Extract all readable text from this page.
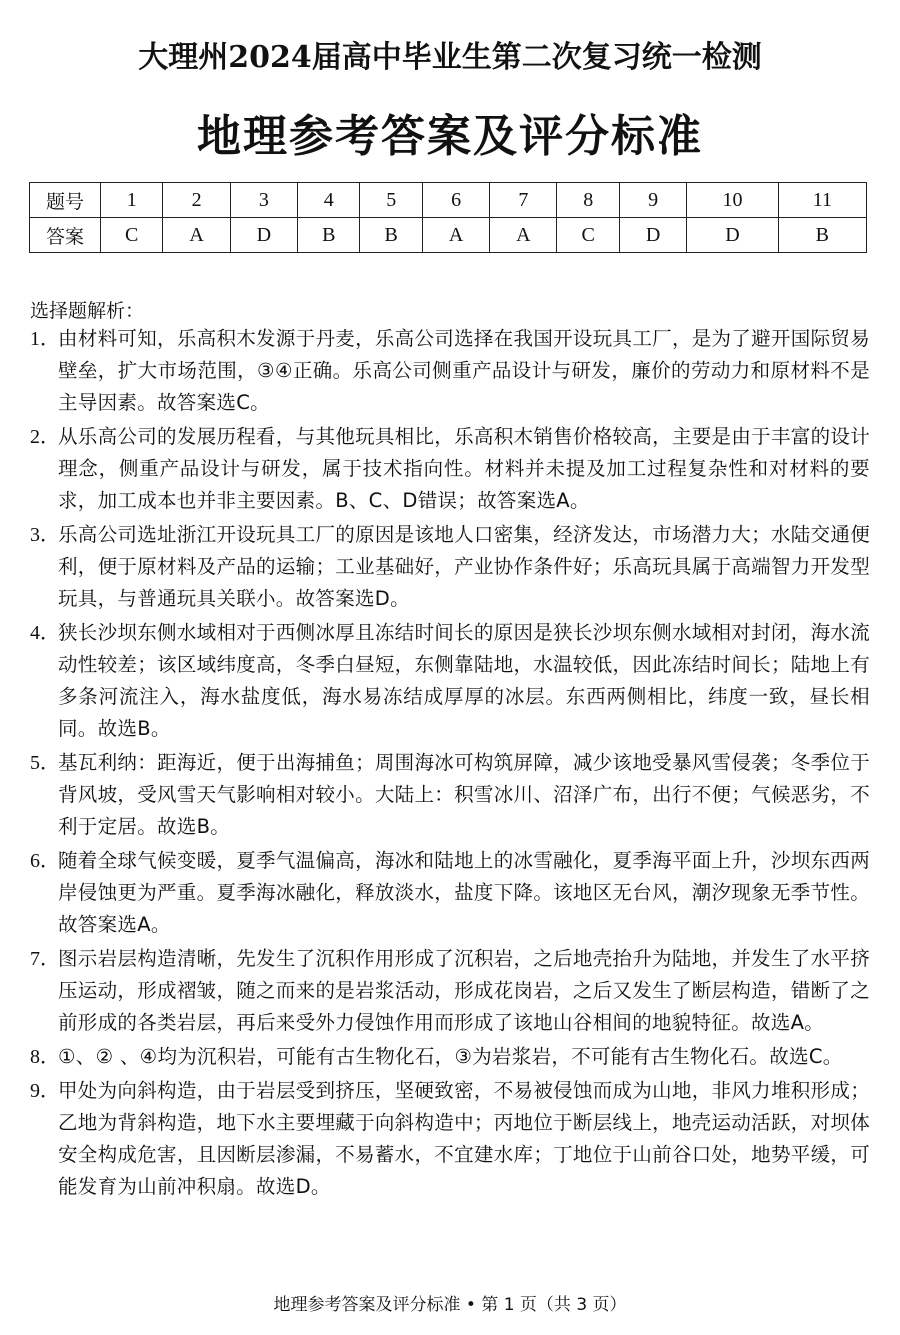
大理州2024届高中毕业生第二次复习统一检测
地理参考答案及评分标准
题号	1	2	3	4	5	6	7	8	9	10	11
答案	C	A	D	B	B	A	A	C	D	D	B
选择题解析：
1．
由材料可知，乐高积木发源于丹麦，乐高公司选择在我国开设玩具工厂，是为了避开国际贸易壁垒，扩大市场范围，③④正确。乐高公司侧重产品设计与研发，廉价的劳动力和原材料不是主导因素。故答案选C。
2．
从乐高公司的发展历程看，与其他玩具相比，乐高积木销售价格较高，主要是由于丰富的设计理念，侧重产品设计与研发，属于技术指向性。材料并未提及加工过程复杂性和对材料的要求，加工成本也并非主要因素。B、C、D错误；故答案选A。
3．
乐高公司选址浙江开设玩具工厂的原因是该地人口密集，经济发达，市场潜力大；水陆交通便利，便于原材料及产品的运输；工业基础好，产业协作条件好；乐高玩具属于高端智力开发型玩具，与普通玩具关联小。故答案选D。
4．
狭长沙坝东侧水域相对于西侧冰厚且冻结时间长的原因是狭长沙坝东侧水域相对封闭，海水流动性较差；该区域纬度高，冬季白昼短，东侧靠陆地，水温较低，因此冻结时间长；陆地上有多条河流注入，海水盐度低，海水易冻结成厚厚的冰层。东西两侧相比，纬度一致，昼长相同。故选B。
5．
基瓦利纳：距海近，便于出海捕鱼；周围海冰可构筑屏障，减少该地受暴风雪侵袭；冬季位于背风坡，受风雪天气影响相对较小。大陆上：积雪冰川、沼泽广布，出行不便；气候恶劣，不利于定居。故选B。
6．
随着全球气候变暖，夏季气温偏高，海冰和陆地上的冰雪融化，夏季海平面上升，沙坝东西两岸侵蚀更为严重。夏季海冰融化，释放淡水，盐度下降。该地区无台风，潮汐现象无季节性。故答案选A。
7．
图示岩层构造清晰，先发生了沉积作用形成了沉积岩，之后地壳抬升为陆地，并发生了水平挤压运动，形成褶皱，随之而来的是岩浆活动，形成花岗岩，之后又发生了断层构造，错断了之前形成的各类岩层，再后来受外力侵蚀作用而形成了该地山谷相间的地貌特征。故选A。
8．
①、② 、④均为沉积岩，可能有古生物化石，③为岩浆岩，不可能有古生物化石。故选C。
9．
甲处为向斜构造，由于岩层受到挤压，坚硬致密，不易被侵蚀而成为山地，非风力堆积形成；乙地为背斜构造，地下水主要埋藏于向斜构造中；丙地位于断层线上，地壳运动活跃，对坝体安全构成危害，且因断层渗漏，不易蓄水，不宜建水库；丁地位于山前谷口处，地势平缓，可能发育为山前冲积扇。故选D。
地理参考答案及评分标准 • 第 1 页（共 3 页）
